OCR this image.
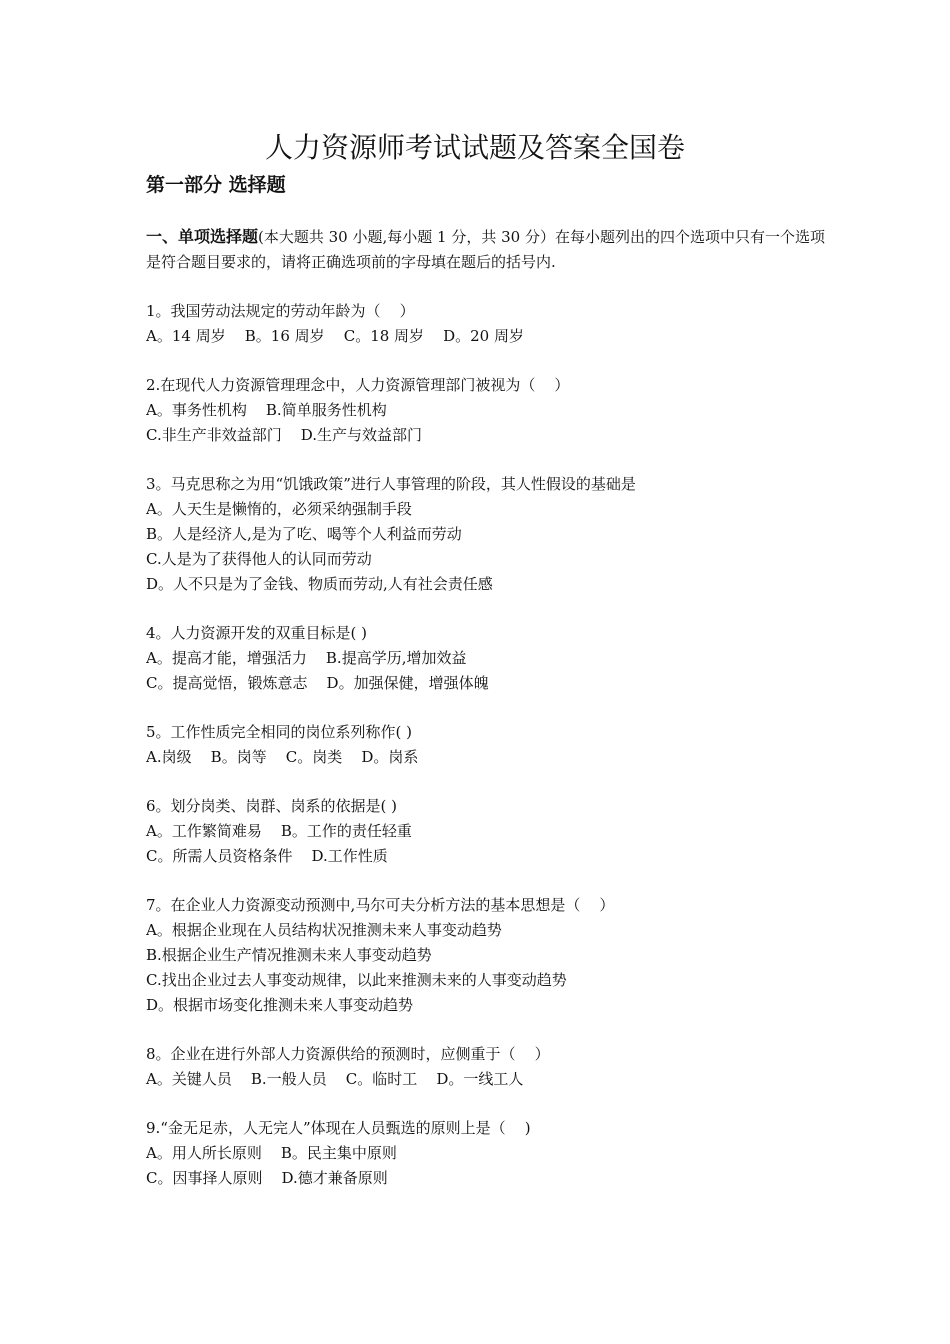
人力资源师考试试题及答案全国卷
第一部分 选择题
一、单项选择题(本大题共 30 小题,每小题 1 分，共 30 分）在每小题列出的四个选项中只有一个选项是符合题目要求的，请将正确选项前的字母填在题后的括号内.

1。我国劳动法规定的劳动年龄为（    ）

A。14 周岁    B。16 周岁    C。18 周岁    D。20 周岁

2.在现代人力资源管理理念中，人力资源管理部门被视为（    ）

A。事务性机构    B.简单服务性机构

C.非生产非效益部门    D.生产与效益部门

3。马克思称之为用“饥饿政策”进行人事管理的阶段，其人性假设的基础是

A。人天生是懒惰的，必须采纳强制手段

B。人是经济人,是为了吃、喝等个人利益而劳动

C.人是为了获得他人的认同而劳动

D。人不只是为了金钱、物质而劳动,人有社会责任感

4。人力资源开发的双重目标是( )

A。提高才能，增强活力    B.提高学历,增加效益

C。提高觉悟，锻炼意志    D。加强保健，增强体魄

5。工作性质完全相同的岗位系列称作( )

A.岗级    B。岗等    C。岗类    D。岗系

6。划分岗类、岗群、岗系的依据是( )

A。工作繁简难易    B。工作的责任轻重

C。所需人员资格条件    D.工作性质

7。在企业人力资源变动预测中,马尔可夫分析方法的基本思想是（    ）

A。根据企业现在人员结构状况推测未来人事变动趋势

B.根据企业生产情况推测未来人事变动趋势

C.找出企业过去人事变动规律，以此来推测未来的人事变动趋势

D。根据市场变化推测未来人事变动趋势

8。企业在进行外部人力资源供给的预测时，应侧重于（    ）

A。关键人员    B.一般人员    C。临时工    D。一线工人

9.“金无足赤，人无完人”体现在人员甄选的原则上是（    )

A。用人所长原则    B。民主集中原则

C。因事择人原则    D.德才兼备原则
